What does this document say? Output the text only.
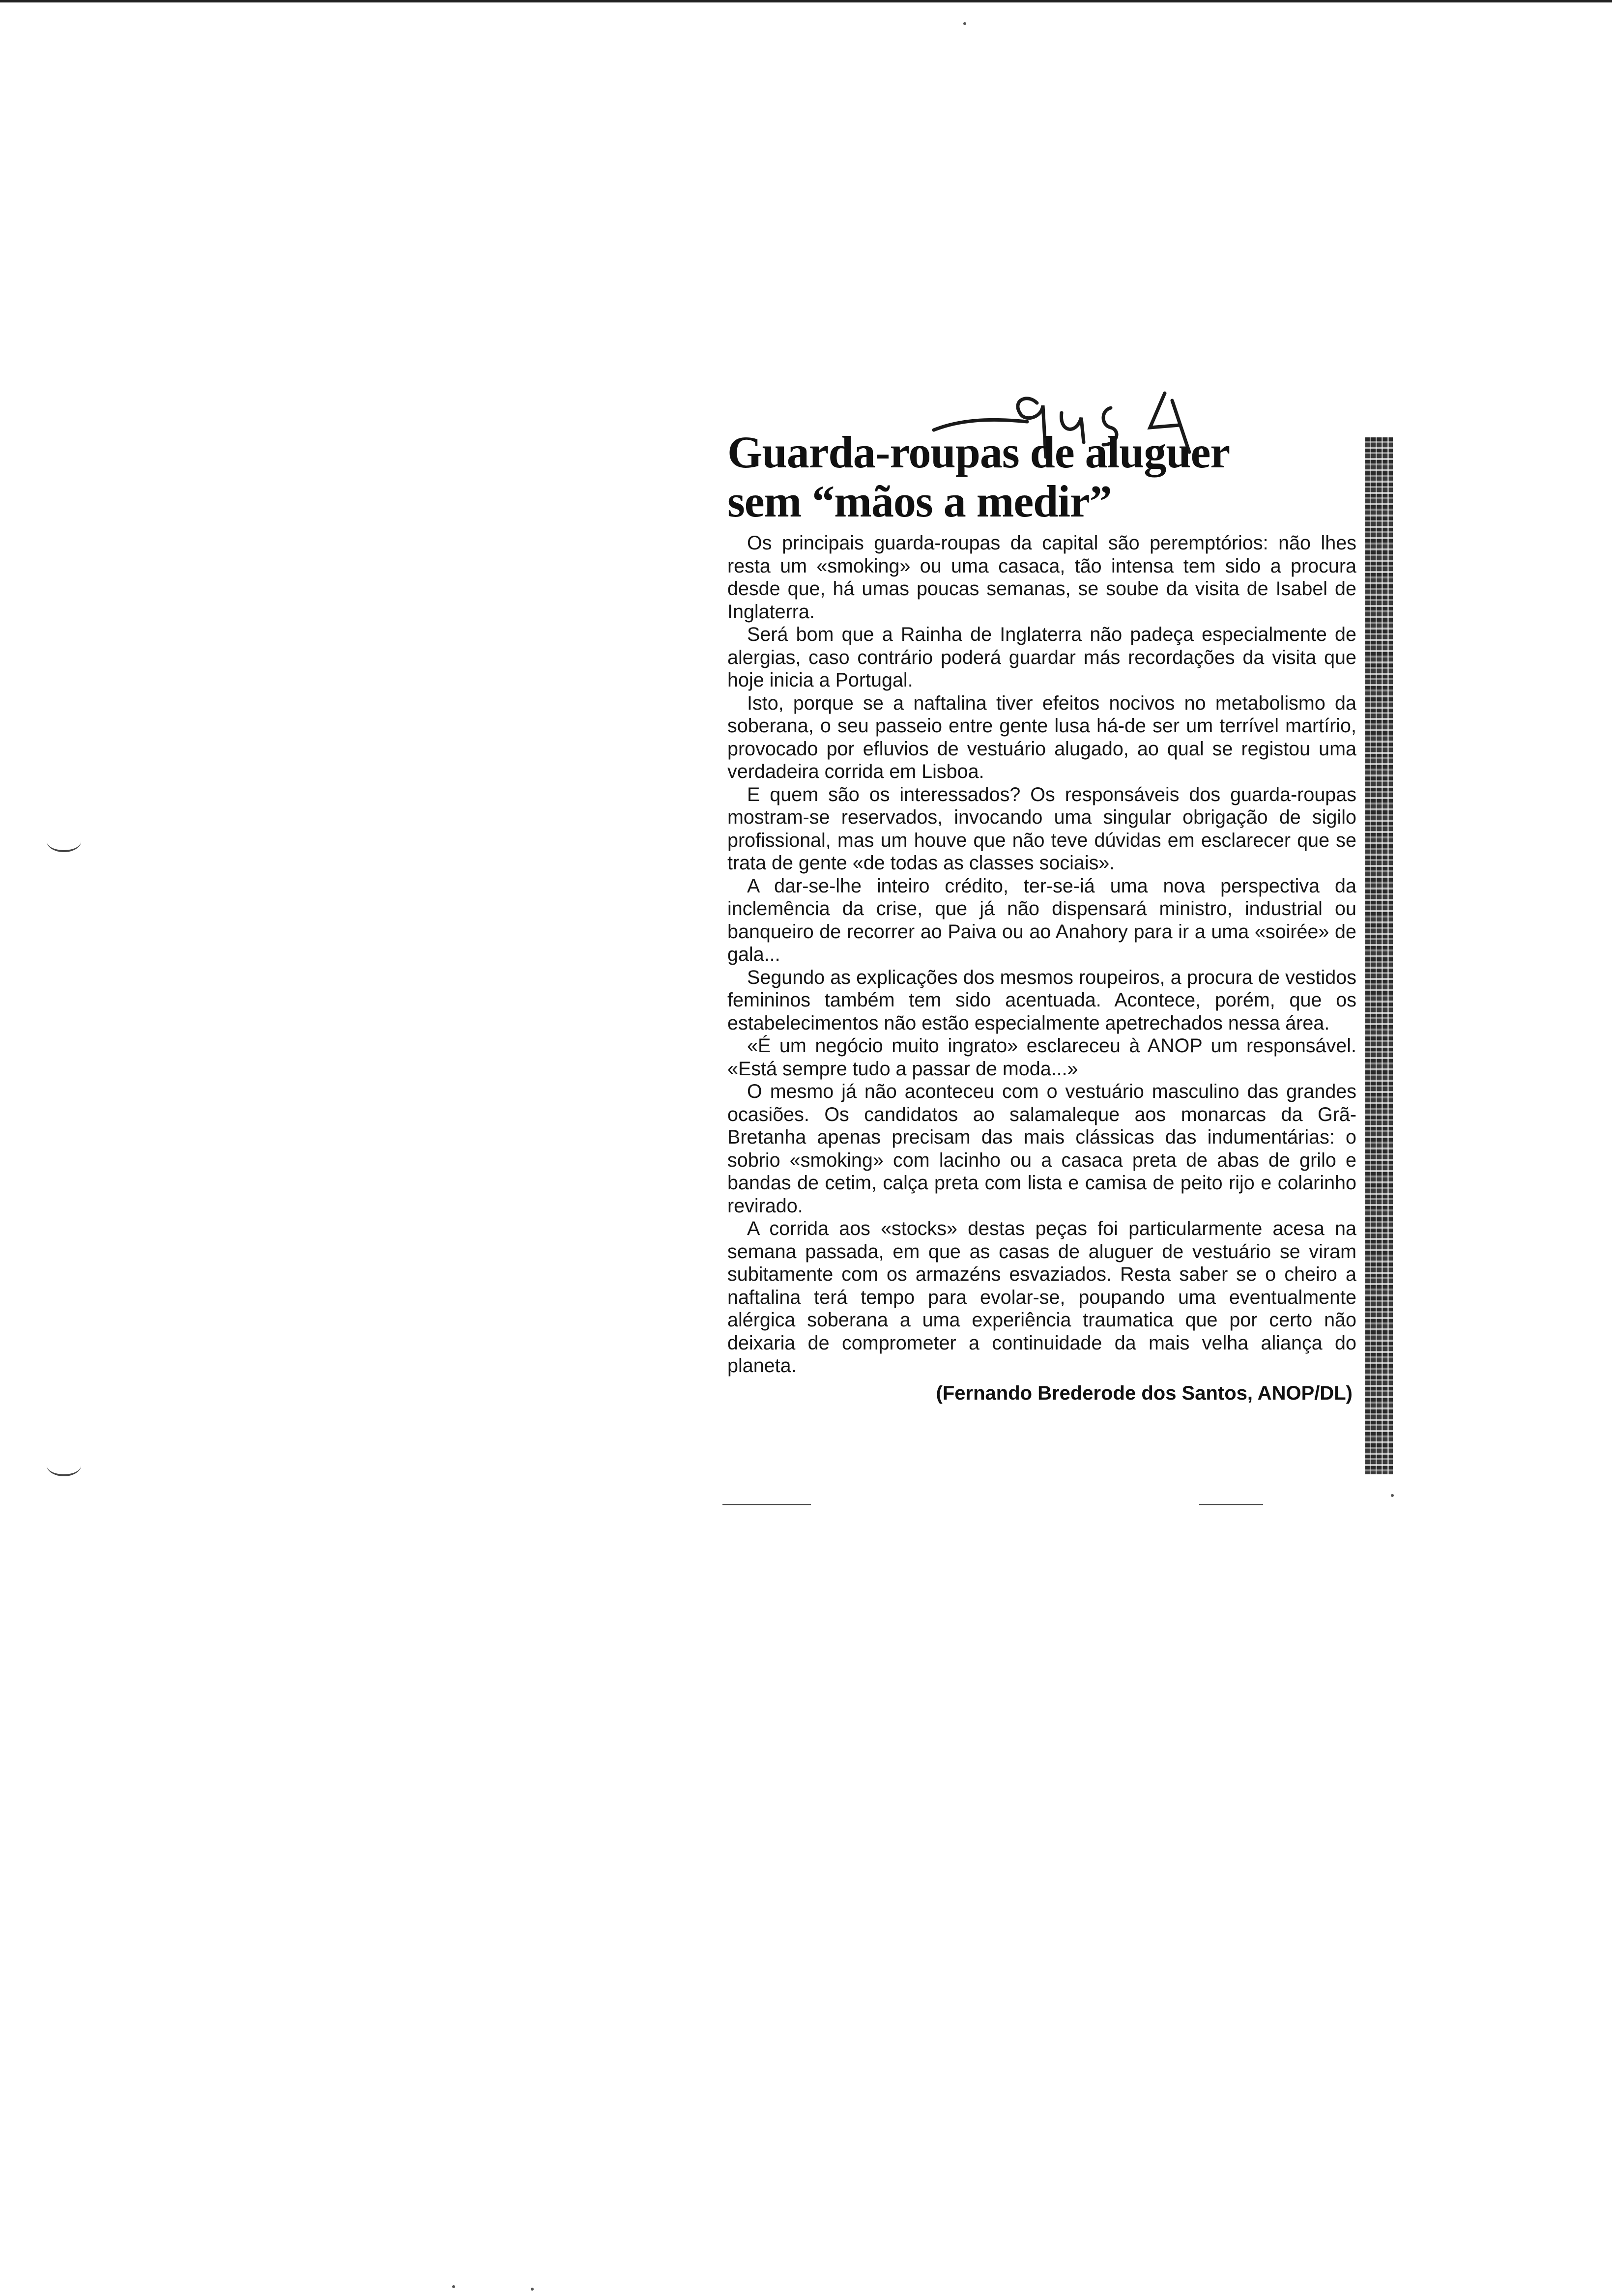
Pag 4
Guarda-roupas de aluguer
sem “mãos a medir”

Os principais guarda-roupas da capital são peremptórios: não lhes resta um «smoking» ou uma casaca, tão intensa tem sido a procura desde que, há umas poucas semanas, se soube da visita de Isabel de Inglaterra.

Será bom que a Rainha de Inglaterra não padeça especialmente de alergias, caso contrário poderá guardar más recordações da visita que hoje inicia a Portugal.

Isto, porque se a naftalina tiver efeitos nocivos no metabolismo da soberana, o seu passeio entre gente lusa há-de ser um terrível martírio, provocado por efluvios de vestuário alugado, ao qual se registou uma verdadeira corrida em Lisboa.

E quem são os interessados? Os responsáveis dos guarda-roupas mostram-se reservados, invocando uma singular obrigação de sigilo profissional, mas um houve que não teve dúvidas em esclarecer que se trata de gente «de todas as classes sociais».

A dar-se-lhe inteiro crédito, ter-se-iá uma nova perspectiva da inclemência da crise, que já não dispensará ministro, industrial ou banqueiro de recorrer ao Paiva ou ao Anahory para ir a uma «soirée» de gala...

Segundo as explicações dos mesmos roupeiros, a procura de vestidos femininos também tem sido acentuada. Acontece, porém, que os estabelecimentos não estão especialmente apetrechados nessa área.

«É um negócio muito ingrato» esclareceu à ANOP um responsável. «Está sempre tudo a passar de moda...»

O mesmo já não aconteceu com o vestuário masculino das grandes ocasiões. Os candidatos ao salamaleque aos monarcas da Grã-Bretanha apenas precisam das mais clássicas das indumentárias: o sobrio «smoking» com lacinho ou a casaca preta de abas de grilo e bandas de cetim, calça preta com lista e camisa de peito rijo e colarinho revirado.

A corrida aos «stocks» destas peças foi particularmente acesa na semana passada, em que as casas de aluguer de vestuário se viram subitamente com os armazéns esvaziados. Resta saber se o cheiro a naftalina terá tempo para evolar-se, poupando uma eventualmente alérgica soberana a uma experiência traumatica que por certo não deixaria de comprometer a continuidade da mais velha aliança do planeta.

(Fernando Brederode dos Santos, ANOP/DL)
